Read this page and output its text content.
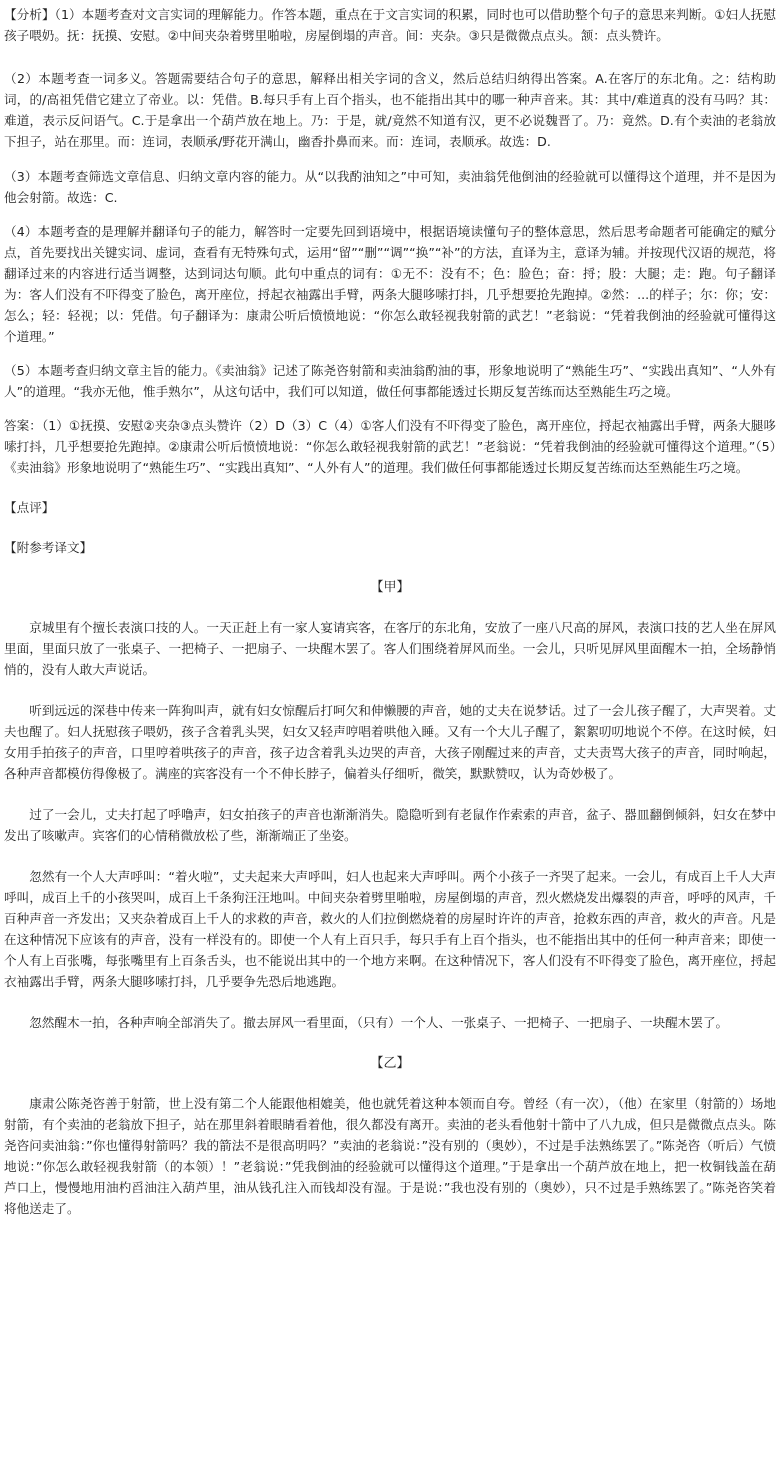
【分析】（1）本题考查对文言实词的理解能力。作答本题，重点在于文言实词的积累，同时也可以借助整个句子的意思来判断。①妇人抚慰孩子喂奶。抚：抚摸、安慰。②中间夹杂着劈里啪啦，房屋倒塌的声音。间：夹杂。③只是微微点点头。颔：点头赞许。

（2）本题考查一词多义。答题需要结合句子的意思，解释出相关字词的含义，然后总结归纳得出答案。A.在客厅的东北角。之：结构助词，的/高祖凭借它建立了帝业。以：凭借。B.每只手有上百个指头，也不能指出其中的哪一种声音来。其：其中/难道真的没有马吗？其：难道，表示反问语气。C.于是拿出一个葫芦放在地上。乃：于是，就/竟然不知道有汉，更不必说魏晋了。乃：竟然。D.有个卖油的老翁放下担子，站在那里。而：连词，表顺承/野花开满山，幽香扑鼻而来。而：连词，表顺承。故选：D.

（3）本题考查筛选文章信息、归纳文章内容的能力。从“以我酌油知之”中可知，卖油翁凭他倒油的经验就可以懂得这个道理，并不是因为他会射箭。故选：C.

（4）本题考查的是理解并翻译句子的能力，解答时一定要先回到语境中，根据语境读懂句子的整体意思，然后思考命题者可能确定的赋分点，首先要找出关键实词、虚词，查看有无特殊句式，运用“留”“删”“调”“换”“补”的方法，直译为主，意译为辅。并按现代汉语的规范，将翻译过来的内容进行适当调整，达到词达句顺。此句中重点的词有：①无不：没有不；色：脸色；奋：捋；股：大腿；走：跑。句子翻译为：客人们没有不吓得变了脸色，离开座位，捋起衣袖露出手臂，两条大腿哆嗦打抖，几乎想要抢先跑掉。②然：...的样子；尔：你；安：怎么；轻：轻视；以：凭借。句子翻译为：康肃公听后愤愤地说：“你怎么敢轻视我射箭的武艺！”老翁说：“凭着我倒油的经验就可懂得这个道理。”

（5）本题考查归纳文章主旨的能力。《卖油翁》记述了陈尧咨射箭和卖油翁酌油的事，形象地说明了“熟能生巧”、“实践出真知”、“人外有人”的道理。“我亦无他，惟手熟尔”，从这句话中，我们可以知道，做任何事都能透过长期反复苦练而达至熟能生巧之境。

答案：（1）①抚摸、安慰②夹杂③点头赞许（2）D（3）C（4）①客人们没有不吓得变了脸色，离开座位，捋起衣袖露出手臂，两条大腿哆嗦打抖，几乎想要抢先跑掉。②康肃公听后愤愤地说：“你怎么敢轻视我射箭的武艺！”老翁说：“凭着我倒油的经验就可懂得这个道理。”（5）《卖油翁》形象地说明了“熟能生巧”、“实践出真知”、“人外有人”的道理。我们做任何事都能透过长期反复苦练而达至熟能生巧之境。

【点评】

【附参考译文】

【甲】

京城里有个擅长表演口技的人。一天正赶上有一家人宴请宾客，在客厅的东北角，安放了一座八尺高的屏风，表演口技的艺人坐在屏风里面，里面只放了一张桌子、一把椅子、一把扇子、一块醒木罢了。客人们围绕着屏风而坐。一会儿，只听见屏风里面醒木一拍，全场静悄悄的，没有人敢大声说话。

听到远远的深巷中传来一阵狗叫声，就有妇女惊醒后打呵欠和伸懒腰的声音，她的丈夫在说梦话。过了一会儿孩子醒了，大声哭着。丈夫也醒了。妇人抚慰孩子喂奶，孩子含着乳头哭，妇女又轻声哼唱着哄他入睡。又有一个大儿子醒了，絮絮叨叨地说个不停。在这时候，妇女用手拍孩子的声音，口里哼着哄孩子的声音，孩子边含着乳头边哭的声音，大孩子刚醒过来的声音，丈夫责骂大孩子的声音，同时响起，各种声音都模仿得像极了。满座的宾客没有一个不伸长脖子，偏着头仔细听，微笑，默默赞叹，认为奇妙极了。

过了一会儿，丈夫打起了呼噜声，妇女拍孩子的声音也渐渐消失。隐隐听到有老鼠作作索索的声音，盆子、器皿翻倒倾斜，妇女在梦中发出了咳嗽声。宾客们的心情稍微放松了些，渐渐端正了坐姿。

忽然有一个人大声呼叫：“着火啦”，丈夫起来大声呼叫，妇人也起来大声呼叫。两个小孩子一齐哭了起来。一会儿，有成百上千人大声呼叫，成百上千的小孩哭叫，成百上千条狗汪汪地叫。中间夹杂着劈里啪啦，房屋倒塌的声音，烈火燃烧发出爆裂的声音，呼呼的风声，千百种声音一齐发出；又夹杂着成百上千人的求救的声音，救火的人们拉倒燃烧着的房屋时许许的声音，抢救东西的声音，救火的声音。凡是在这种情况下应该有的声音，没有一样没有的。即使一个人有上百只手，每只手有上百个指头，也不能指出其中的任何一种声音来；即使一个人有上百张嘴，每张嘴里有上百条舌头，也不能说出其中的一个地方来啊。在这种情况下，客人们没有不吓得变了脸色，离开座位，捋起衣袖露出手臂，两条大腿哆嗦打抖，几乎要争先恐后地逃跑。

忽然醒木一拍，各种声响全部消失了。撤去屏风一看里面，（只有）一个人、一张桌子、一把椅子、一把扇子、一块醒木罢了。

【乙】

康肃公陈尧咨善于射箭，世上没有第二个人能跟他相媲美，他也就凭着这种本领而自夸。曾经（有一次），（他）在家里（射箭的）场地射箭，有个卖油的老翁放下担子，站在那里斜着眼睛看着他，很久都没有离开。卖油的老头看他射十箭中了八九成，但只是微微点点头。陈尧咨问卖油翁：”你也懂得射箭吗？我的箭法不是很高明吗？”卖油的老翁说：”没有别的（奥妙），不过是手法熟练罢了。”陈尧咨（听后）气愤地说：”你怎么敢轻视我射箭（的本领）！”老翁说：”凭我倒油的经验就可以懂得这个道理。”于是拿出一个葫芦放在地上，把一枚铜钱盖在葫芦口上，慢慢地用油杓舀油注入葫芦里，油从钱孔注入而钱却没有湿。于是说：”我也没有别的（奥妙），只不过是手熟练罢了。”陈尧咨笑着将他送走了。
